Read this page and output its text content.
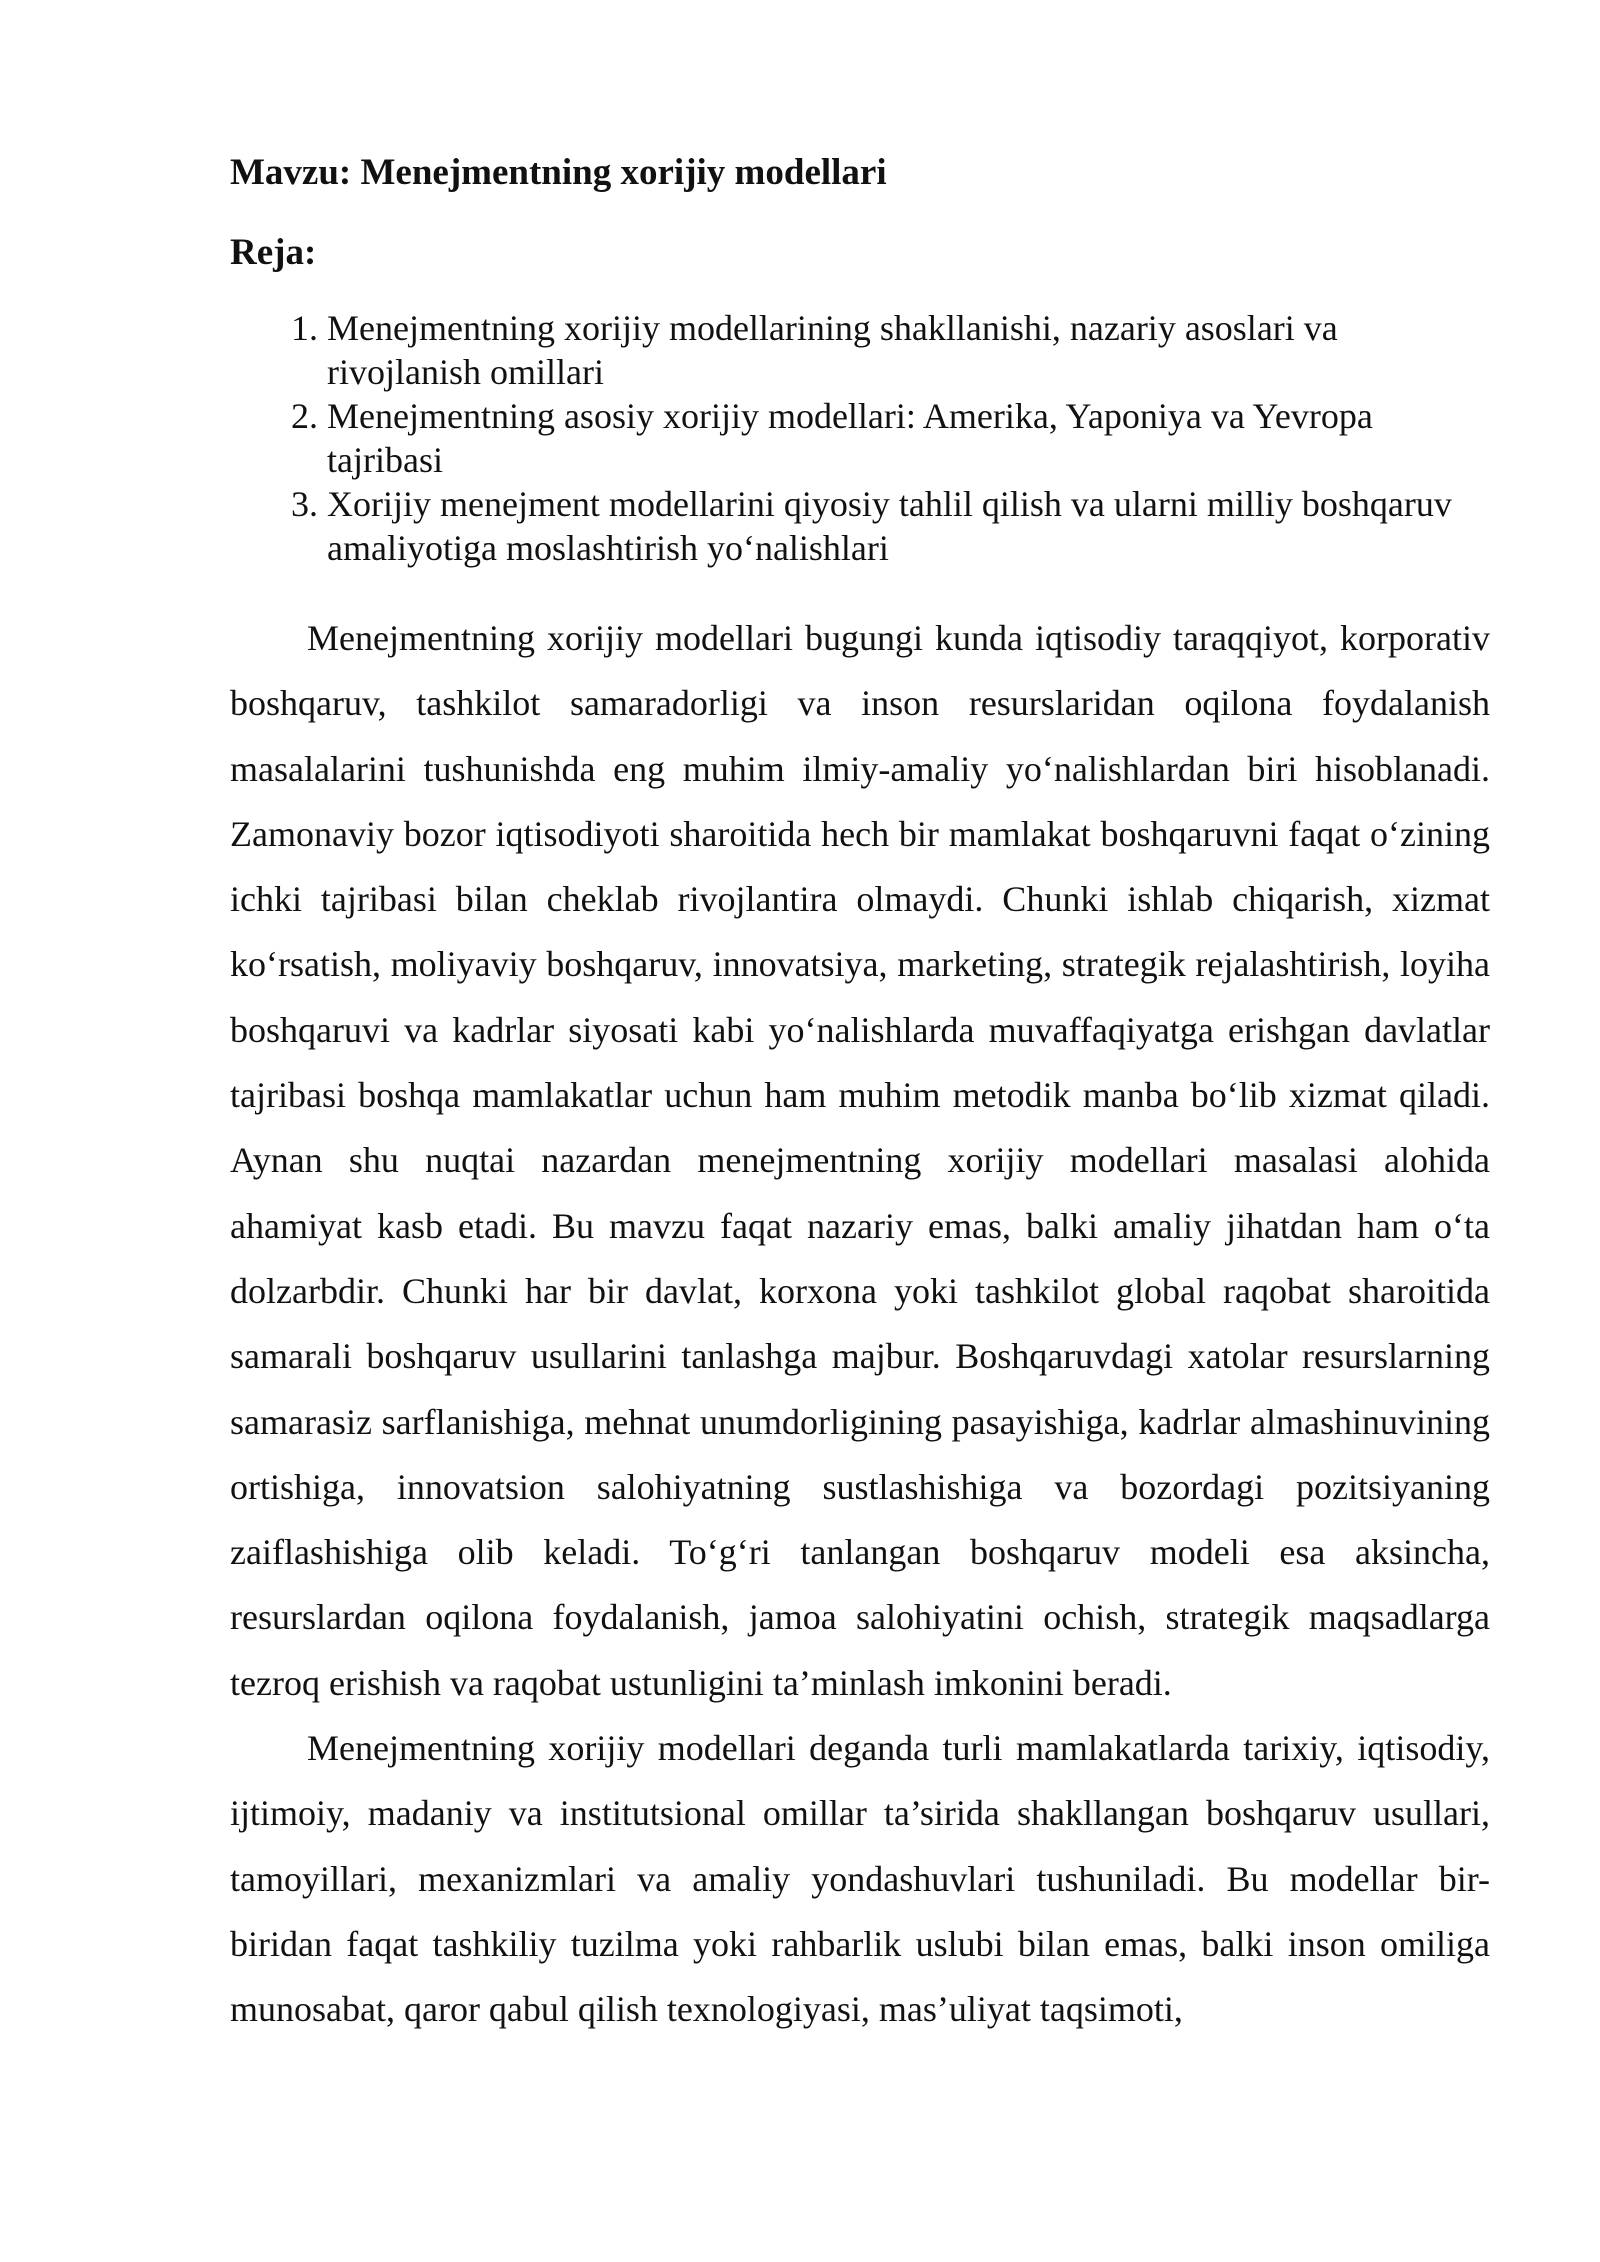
Mavzu: Menejmentning xorijiy modellari
Reja:
1. Menejmentning xorijiy modellarining shakllanishi, nazariy asoslari va rivojlanish omillari
2. Menejmentning asosiy xorijiy modellari: Amerika, Yaponiya va Yevropa tajribasi
3. Xorijiy menejment modellarini qiyosiy tahlil qilish va ularni milliy boshqaruv amaliyotiga moslashtirish yo‘nalishlari

Menejmentning xorijiy modellari bugungi kunda iqtisodiy taraqqiyot, korporativ boshqaruv, tashkilot samaradorligi va inson resurslaridan oqilona foydalanish masalalarini tushunishda eng muhim ilmiy-amaliy yo‘nalishlardan biri hisoblanadi. Zamonaviy bozor iqtisodiyoti sharoitida hech bir mamlakat boshqaruvni faqat o‘zining ichki tajribasi bilan cheklab rivojlantira olmaydi. Chunki ishlab chiqarish, xizmat ko‘rsatish, moliyaviy boshqaruv, innovatsiya, marketing, strategik rejalashtirish, loyiha boshqaruvi va kadrlar siyosati kabi yo‘nalishlarda muvaffaqiyatga erishgan davlatlar tajribasi boshqa mamlakatlar uchun ham muhim metodik manba bo‘lib xizmat qiladi. Aynan shu nuqtai nazardan menejmentning xorijiy modellari masalasi alohida ahamiyat kasb etadi. Bu mavzu faqat nazariy emas, balki amaliy jihatdan ham o‘ta dolzarbdir. Chunki har bir davlat, korxona yoki tashkilot global raqobat sharoitida samarali boshqaruv usullarini tanlashga majbur. Boshqaruvdagi xatolar resurslarning samarasiz sarflanishiga, mehnat unumdorligining pasayishiga, kadrlar almashinuvining ortishiga, innovatsion salohiyatning sustlashishiga va bozordagi pozitsiyaning zaiflashishiga olib keladi. To‘g‘ri tanlangan boshqaruv modeli esa aksincha, resurslardan oqilona foydalanish, jamoa salohiyatini ochish, strategik maqsadlarga tezroq erishish va raqobat ustunligini ta’minlash imkonini beradi.

Menejmentning xorijiy modellari deganda turli mamlakatlarda tarixiy, iqtisodiy, ijtimoiy, madaniy va institutsional omillar ta’sirida shakllangan boshqaruv usullari, tamoyillari, mexanizmlari va amaliy yondashuvlari tushuniladi. Bu modellar bir-biridan faqat tashkiliy tuzilma yoki rahbarlik uslubi bilan emas, balki inson omiliga munosabat, qaror qabul qilish texnologiyasi, mas’uliyat taqsimoti,
